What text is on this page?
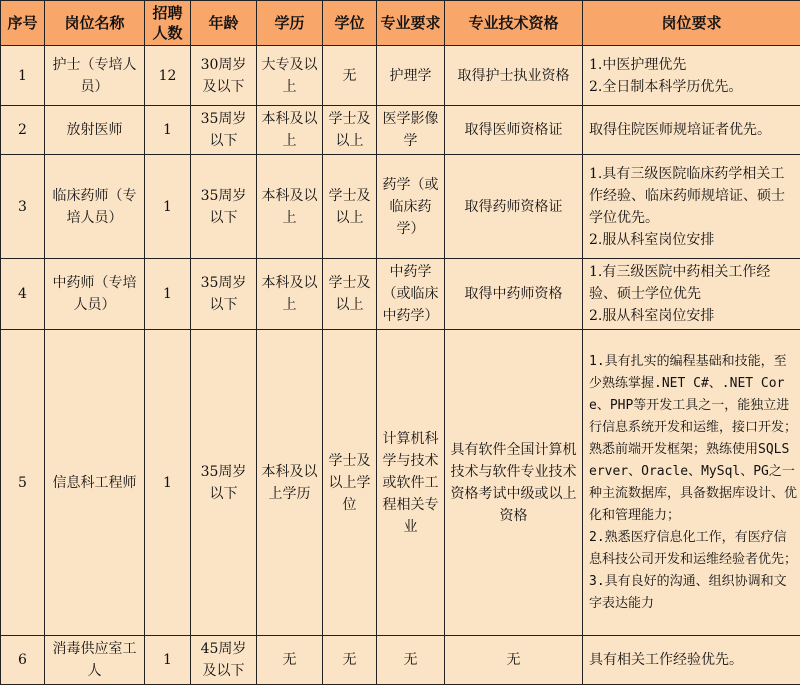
序号	岗位名称	招聘人数	年龄	学历	学位	专业要求	专业技术资格	岗位要求
1	护士（专培人员）	12	30周岁及以下	大专及以上	无	护理学	取得护士执业资格	1.中医护理优先
2.全日制本科学历优先。
2	放射医师	1	35周岁以下	本科及以上	学士及以上	医学影像学	取得医师资格证	取得住院医师规培证者优先。
3	临床药师（专培人员）	1	35周岁以下	本科及以上	学士及以上	药学（或临床药学）	取得药师资格证	1.具有三级医院临床药学相关工作经验、临床药师规培证、硕士学位优先。
2.服从科室岗位安排
4	中药师（专培人员）	1	35周岁以下	本科及以上	学士及以上	中药学（或临床中药学）	取得中药师资格	1.有三级医院中药相关工作经验、硕士学位优先
2.服从科室岗位安排
5	信息科工程师	1	35周岁以下	本科及以上学历	学士及以上学位	计算机科学与技术或软件工程相关专业	具有软件全国计算机技术与软件专业技术资格考试中级或以上资格	1.具有扎实的编程基础和技能，至少熟练掌握.NET C#、.NET Core、PHP等开发工具之一，能独立进行信息系统开发和运维，接口开发；熟悉前端开发框架；熟练使用SQLServer、Oracle、MySql、PG之一种主流数据库，具备数据库设计、优化和管理能力；
2.熟悉医疗信息化工作，有医疗信息科技公司开发和运维经验者优先；
3.具有良好的沟通、组织协调和文字表达能力
6	消毒供应室工人	1	45周岁及以下	无	无	无	无	具有相关工作经验优先。
